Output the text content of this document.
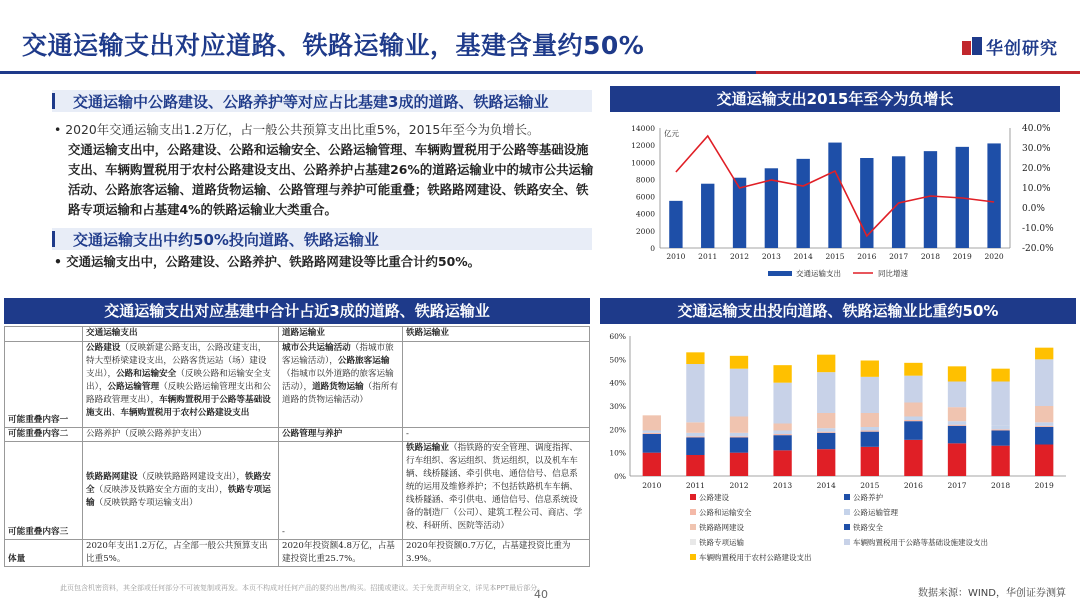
交通运输支出对应道路、铁路运输业，基建含量约50%	华创研究
交通运输中公路建设、公路养护等对应占比基建3成的道路、铁路运输业
• 2020年交通运输支出1.2万亿，占一般公共预算支出比重5%，2015年至今为负增长。
交通运输支出中，公路建设、公路和运输安全、公路运输管理、车辆购置税用于公路等基础设施支出、车辆购置税用于农村公路建设支出、公路养护占基建26%的道路运输业中的城市公共运输活动、公路旅客运输、道路货物运输、公路管理与养护可能重叠；铁路路网建设、铁路安全、铁路专项运输和占基建4%的铁路运输业大类重合。
交通运输支出中约50%投向道路、铁路运输业
• 交通运输支出中，公路建设、公路养护、铁路路网建设等比重合计约50%。
交通运输支出2015年至今为负增长
14000
12000
10000
8000
6000
4000
2000
0
40.0%
30.0%
20.0%
10.0%
0.0%
-10.0%
-20.0%
亿元
2010 2011 2012 2013 2014 2015 2016 2017 2018 2019 2020
交通运输支出	同比增速
交通运输支出对应基建中合计占近3成的道路、铁路运输业
	交通运输支出	道路运输业	铁路运输业
可能重叠内容一	公路建设（反映新建公路支出，公路改建支出，特大型桥梁建设支出，公路客货运站（场）建设支出），公路和运输安全（反映公路和运输安全支出），公路运输管理（反映公路运输管理支出和公路路政管理支出），车辆购置税用于公路等基础设施支出、车辆购置税用于农村公路建设支出	城市公共运输活动（指城市旅客运输活动），公路旅客运输（指城市以外道路的旅客运输活动），道路货物运输（指所有道路的货物运输活动）	
可能重叠内容二	公路养护（反映公路养护支出）	公路管理与养护	-
可能重叠内容三	铁路路网建设（反映铁路路网建设支出），铁路安全（反映涉及铁路安全方面的支出），铁路专项运输（反映铁路专项运输支出）	-	铁路运输业（指铁路的安全管理、调度指挥、行车组织、客运组织、货运组织，以及机车车辆、线桥隧涵、牵引供电、通信信号、信息系统的运用及维修养护；不包括铁路机车车辆、线桥隧涵、牵引供电、通信信号、信息系统设备的制造厂（公司）、建筑工程公司、商店、学校、科研所、医院等活动）
体量	2020年支出1.2万亿，占全部一般公共预算支出比重5%。	2020年投资额4.8万亿，占基建投资比重25.7%。	2020年投资额0.7万亿，占基建投资比重为3.9%。
交通运输支出投向道路、铁路运输业比重约50%
60%
50%
40%
30%
20%
10%
0%
2010	2011	2012	2013	2014	2015	2016	2017	2018	2019
公路建设	公路养护
公路和运输安全	公路运输管理
铁路路网建设	铁路安全
铁路专项运输	车辆购置税用于公路等基础设施建设支出
车辆购置税用于农村公路建设支出
此页包含机密资料，其全部或任何部分不可被复制或再发。本页不构成对任何产品的要约出售/购买。招揽或建议。关于免责声明全文，详见本PPT最后部分。
40	数据来源：WIND，华创证券测算
